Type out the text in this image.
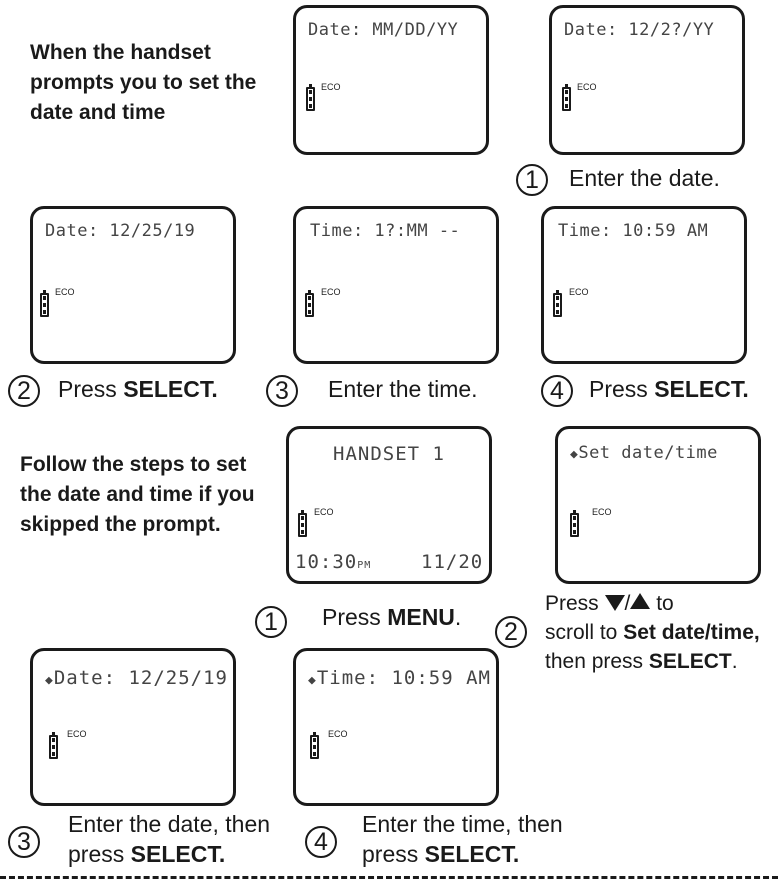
When the handset prompts you to set the date and time
Date: MM/DD/YY
ECO
Date: 12/2?/YY
ECO
1	Enter the date.
Date: 12/25/19
ECO
Time: 1?:MM --
ECO
Time: 10:59 AM
ECO
2	Press SELECT.	3	Enter the time.	4	Press SELECT.
Follow the steps to set the date and time if you skipped the prompt.
HANDSET 1
ECO
10:30PM	11/20
◆Set date/time
ECO
1	Press MENU.
2
Press / to
scroll to Set date/time,
then press SELECT.
◆Date: 12/25/19
ECO
◆Time: 10:59 AM
ECO
3
Enter the date, then
press SELECT.	4
Enter the time, then
press SELECT.
